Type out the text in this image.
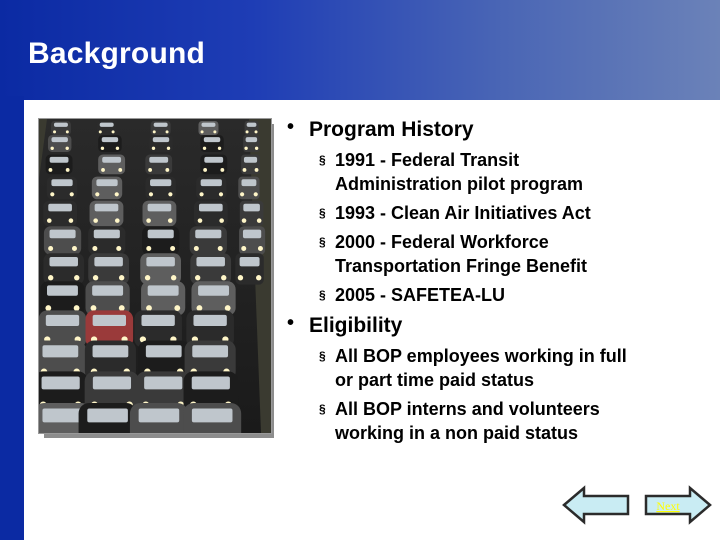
Background
• Program History
§ 1991 - Federal Transit Administration pilot program
§ 1993 - Clean Air Initiatives Act
§ 2000 - Federal Workforce Transportation Fringe Benefit
§ 2005 - SAFETEA-LU
• Eligibility
§ All BOP employees working in full or part time paid status
§ All BOP interns and volunteers working in a non paid status
Next
